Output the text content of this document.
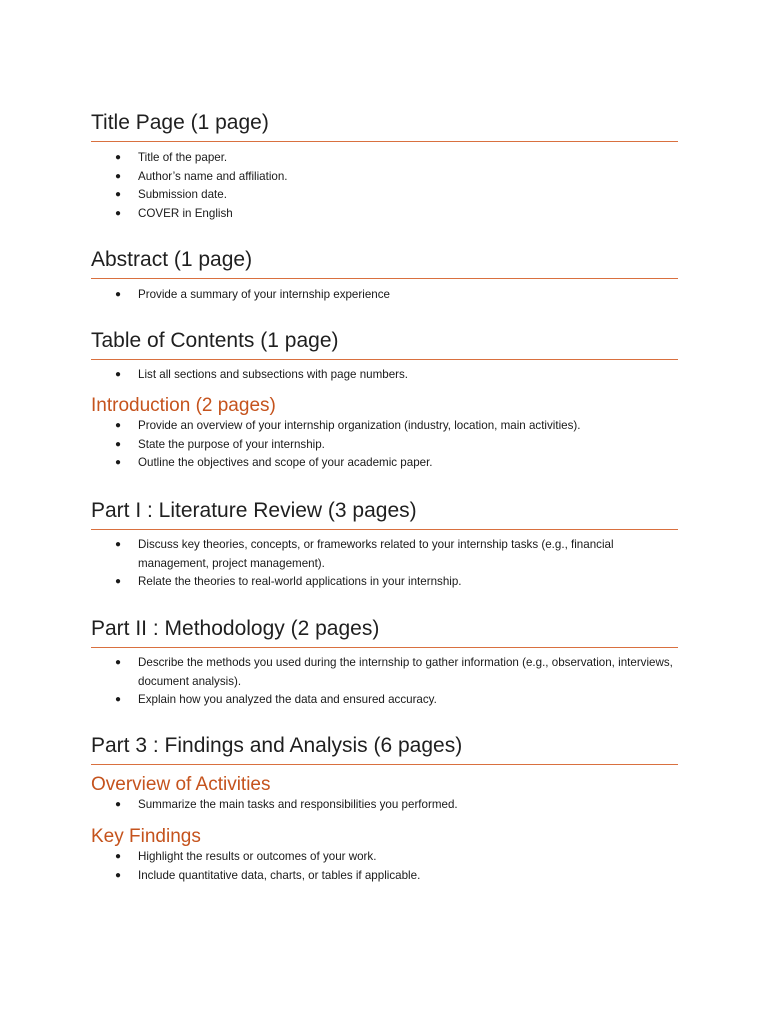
Title Page (1 page)
● Title of the paper.
● Author’s name and affiliation.
● Submission date.
● COVER in English
Abstract (1 page)
● Provide a summary of your internship experience
Table of Contents (1 page)
● List all sections and subsections with page numbers.
Introduction (2 pages)
● Provide an overview of your internship organization (industry, location, main activities).
● State the purpose of your internship.
● Outline the objectives and scope of your academic paper.
Part I : Literature Review (3 pages)
● Discuss key theories, concepts, or frameworks related to your internship tasks (e.g., financial management, project management).
● Relate the theories to real-world applications in your internship.
Part II : Methodology (2 pages)
● Describe the methods you used during the internship to gather information (e.g., observation, interviews, document analysis).
● Explain how you analyzed the data and ensured accuracy.
Part 3 : Findings and Analysis (6 pages)
Overview of Activities
● Summarize the main tasks and responsibilities you performed.
Key Findings
● Highlight the results or outcomes of your work.
● Include quantitative data, charts, or tables if applicable.
